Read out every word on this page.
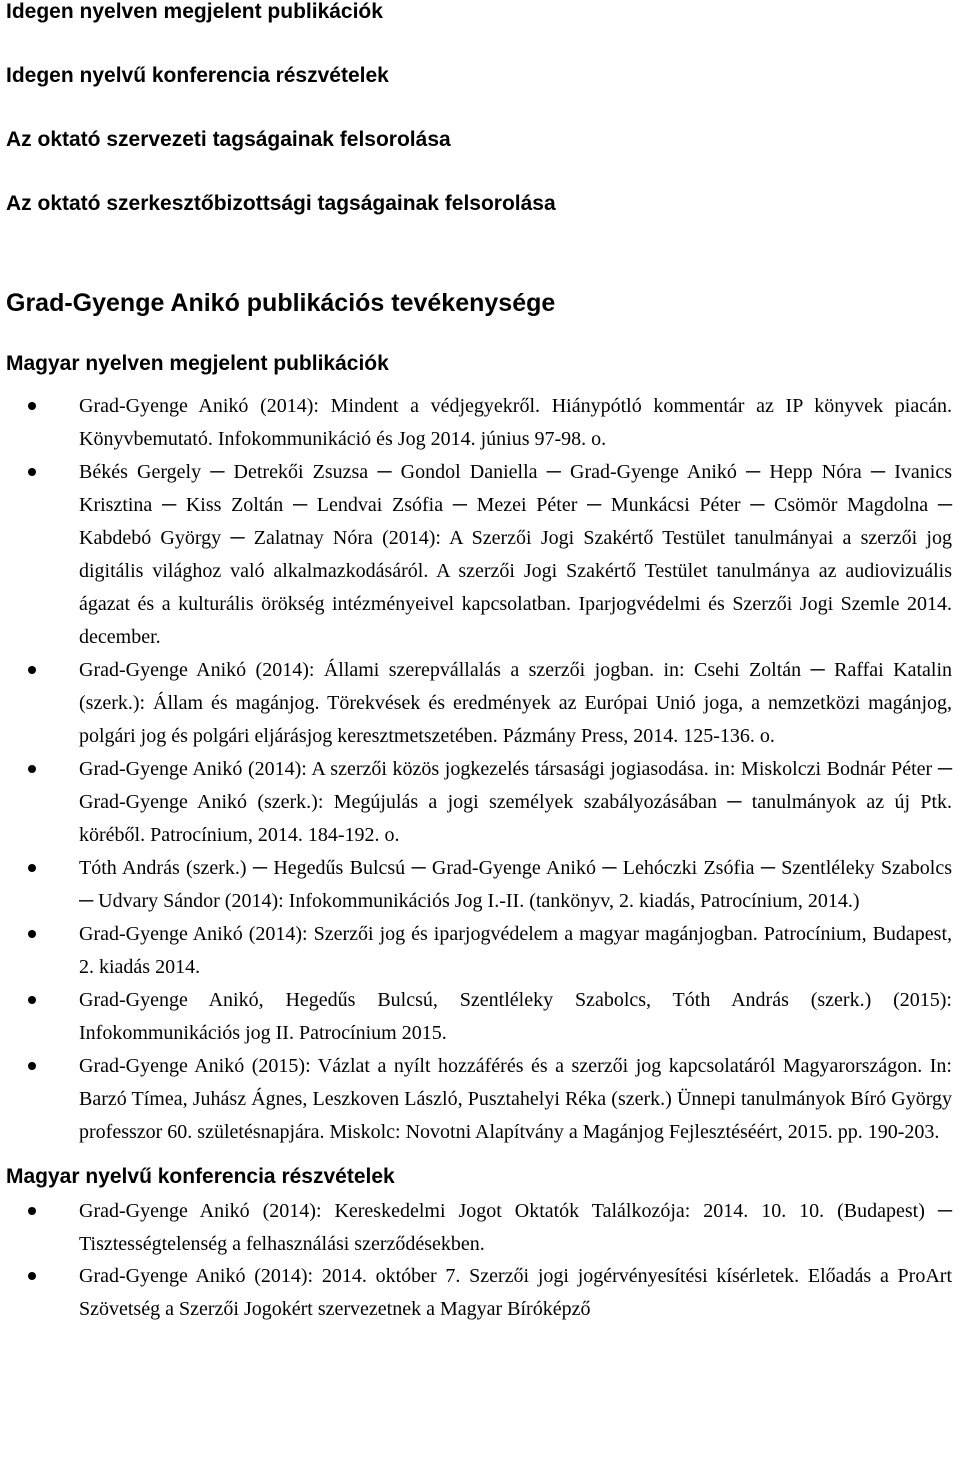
Idegen nyelven megjelent publikációk
Idegen nyelvű konferencia részvételek
Az oktató szervezeti tagságainak felsorolása
Az oktató szerkesztőbizottsági tagságainak felsorolása
Grad-Gyenge Anikó publikációs tevékenysége
Magyar nyelven megjelent publikációk
Grad-Gyenge Anikó (2014): Mindent a védjegyekről. Hiánypótló kommentár az IP könyvek piacán. Könyvbemutató. Infokommunikáció és Jog 2014. június 97-98. o.
Békés Gergely ─ Detrekői Zsuzsa ─ Gondol Daniella ─ Grad-Gyenge Anikó ─ Hepp Nóra ─ Ivanics Krisztina ─ Kiss Zoltán ─ Lendvai Zsófia ─ Mezei Péter ─ Munkácsi Péter ─ Csömör Magdolna ─ Kabdebó György ─ Zalatnay Nóra (2014): A Szerzői Jogi Szakértő Testület tanulmányai a szerzői jog digitális világhoz való alkalmazkodásáról. A szerzői Jogi Szakértő Testület tanulmánya az audiovizuális ágazat és a kulturális örökség intézményeivel kapcsolatban. Iparjogvédelmi és Szerzői Jogi Szemle 2014. december.
Grad-Gyenge Anikó (2014): Állami szerepvállalás a szerzői jogban. in: Csehi Zoltán ─ Raffai Katalin (szerk.): Állam és magánjog. Törekvések és eredmények az Európai Unió joga, a nemzetközi magánjog, polgári jog és polgári eljárásjog keresztmetszetében. Pázmány Press, 2014. 125-136. o.
Grad-Gyenge Anikó (2014): A szerzői közös jogkezelés társasági jogiasodása. in: Miskolczi Bodnár Péter ─ Grad-Gyenge Anikó (szerk.): Megújulás a jogi személyek szabályozásában ─ tanulmányok az új Ptk. köréből. Patrocínium, 2014. 184-192. o.
Tóth András (szerk.) ─ Hegedűs Bulcsú ─ Grad-Gyenge Anikó ─ Lehóczki Zsófia ─ Szentléleky Szabolcs ─ Udvary Sándor (2014): Infokommunikációs Jog I.-II. (tankönyv, 2. kiadás, Patrocínium, 2014.)
Grad-Gyenge Anikó (2014): Szerzői jog és iparjogvédelem a magyar magánjogban. Patrocínium, Budapest, 2. kiadás 2014.
Grad-Gyenge Anikó, Hegedűs Bulcsú, Szentléleky Szabolcs, Tóth András (szerk.) (2015): Infokommunikációs jog II. Patrocínium 2015.
Grad-Gyenge Anikó (2015): Vázlat a nyílt hozzáférés és a szerzői jog kapcsolatáról Magyarországon. In: Barzó Tímea, Juhász Ágnes, Leszkoven László, Pusztahelyi Réka (szerk.) Ünnepi tanulmányok Bíró György professzor 60. születésnapjára. Miskolc: Novotni Alapítvány a Magánjog Fejlesztéséért, 2015. pp. 190-203.
Magyar nyelvű konferencia részvételek
Grad-Gyenge Anikó (2014): Kereskedelmi Jogot Oktatók Találkozója: 2014. 10. 10. (Budapest) ─ Tisztességtelenség a felhasználási szerződésekben.
Grad-Gyenge Anikó (2014): 2014. október 7. Szerzői jogi jogérvényesítési kísérletek. Előadás a ProArt Szövetség a Szerzői Jogokért szervezetnek a Magyar Bíróképző
